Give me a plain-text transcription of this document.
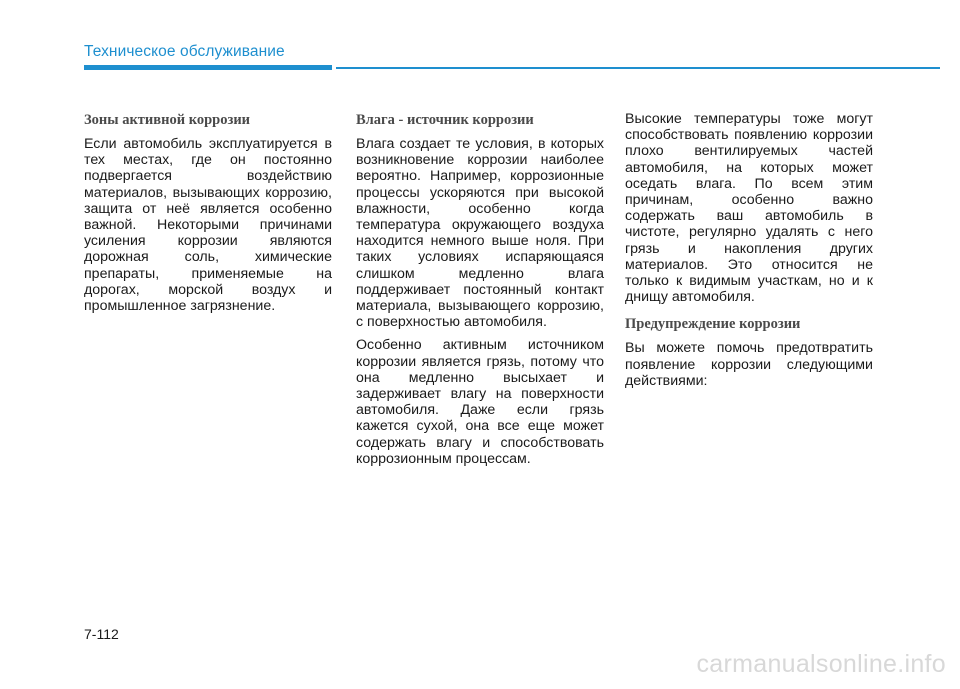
Техническое обслуживание
Зоны активной коррозии

Если автомобиль эксплуатируется в тех местах, где он постоянно подвергается воздействию материалов, вызывающих коррозию, защита от неё является особенно важной. Некоторыми причинами усиления коррозии являются дорожная соль, химические препараты, применяемые на дорогах, морской воздух и промышленное загрязнение.

Влага - источник коррозии

Влага создает те условия, в которых возникновение коррозии наиболее вероятно. Например, коррозионные процессы ускоряются при высокой влажности, особенно когда температура окружающего воздуха находится немного выше ноля. При таких условиях испаряющаяся слишком медленно влага поддерживает постоянный контакт материала, вызывающего коррозию, с поверхностью автомобиля.

Особенно активным источником коррозии является грязь, потому что она медленно высыхает и задерживает влагу на поверхности автомобиля. Даже если грязь кажется сухой, она все еще может содержать влагу и способствовать коррозионным процессам.

Высокие температуры тоже могут способствовать появлению коррозии плохо вентилируемых частей автомобиля, на которых может оседать влага. По всем этим причинам, особенно важно содержать ваш автомобиль в чистоте, регулярно удалять с него грязь и накопления других материалов. Это относится не только к видимым участкам, но и к днищу автомобиля.

Предупреждение коррозии

Вы можете помочь предотвратить появление коррозии следующими действиями:

7-112
carmanualsonline.info
